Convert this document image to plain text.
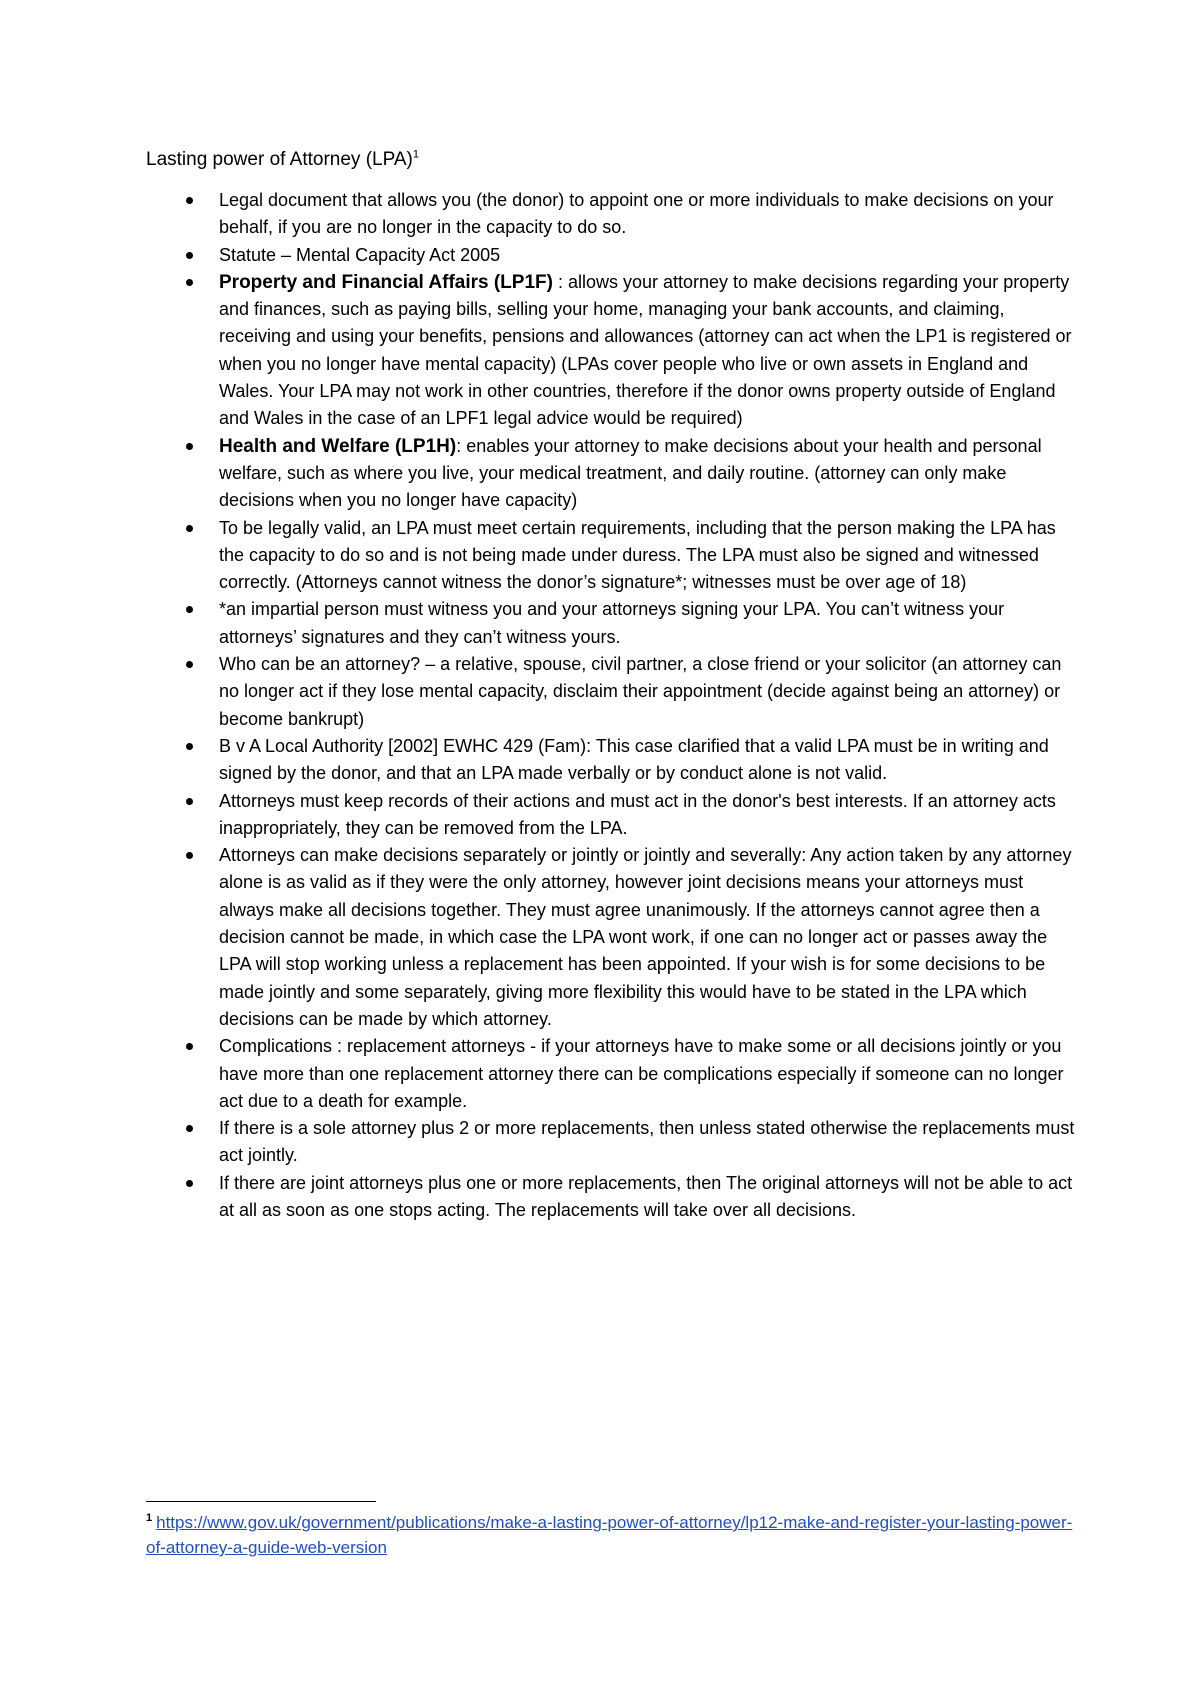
Lasting power of Attorney (LPA)$^1$
Legal document that allows you (the donor) to appoint one or more individuals to make decisions on your behalf, if you are no longer in the capacity to do so.
Statute – Mental Capacity Act 2005
Property and Financial Affairs (LP1F) : allows your attorney to make decisions regarding your property and finances, such as paying bills, selling your home, managing your bank accounts, and claiming, receiving and using your benefits, pensions and allowances (attorney can act when the LP1 is registered or when you no longer have mental capacity) (LPAs cover people who live or own assets in England and Wales. Your LPA may not work in other countries, therefore if the donor owns property outside of England and Wales in the case of an LPF1 legal advice would be required)
Health and Welfare (LP1H): enables your attorney to make decisions about your health and personal welfare, such as where you live, your medical treatment, and daily routine. (attorney can only make decisions when you no longer have capacity)
To be legally valid, an LPA must meet certain requirements, including that the person making the LPA has the capacity to do so and is not being made under duress. The LPA must also be signed and witnessed correctly. (Attorneys cannot witness the donor’s signature*; witnesses must be over age of 18)
*an impartial person must witness you and your attorneys signing your LPA. You can’t witness your attorneys’ signatures and they can’t witness yours.
Who can be an attorney? – a relative, spouse, civil partner, a close friend or your solicitor (an attorney can no longer act if they lose mental capacity, disclaim their appointment (decide against being an attorney) or become bankrupt)
B v A Local Authority [2002] EWHC 429 (Fam): This case clarified that a valid LPA must be in writing and signed by the donor, and that an LPA made verbally or by conduct alone is not valid.
Attorneys must keep records of their actions and must act in the donor's best interests. If an attorney acts inappropriately, they can be removed from the LPA.
Attorneys can make decisions separately or jointly or jointly and severally: Any action taken by any attorney alone is as valid as if they were the only attorney, however joint decisions means your attorneys must always make all decisions together. They must agree unanimously. If the attorneys cannot agree then a decision cannot be made, in which case the LPA wont work, if one can no longer act or passes away the LPA will stop working unless a replacement has been appointed. If your wish is for some decisions to be made jointly and some separately, giving more flexibility this would have to be stated in the LPA which decisions can be made by which attorney.
Complications : replacement attorneys - if your attorneys have to make some or all decisions jointly or you have more than one replacement attorney there can be complications especially if someone can no longer act due to a death for example.
If there is a sole attorney plus 2 or more replacements, then unless stated otherwise the replacements must act jointly.
If there are joint attorneys plus one or more replacements, then The original attorneys will not be able to act at all as soon as one stops acting. The replacements will take over all decisions.
$^1$ https://www.gov.uk/government/publications/make-a-lasting-power-of-attorney/lp12-make-and-register-your-lasting-power-of-attorney-a-guide-web-version
